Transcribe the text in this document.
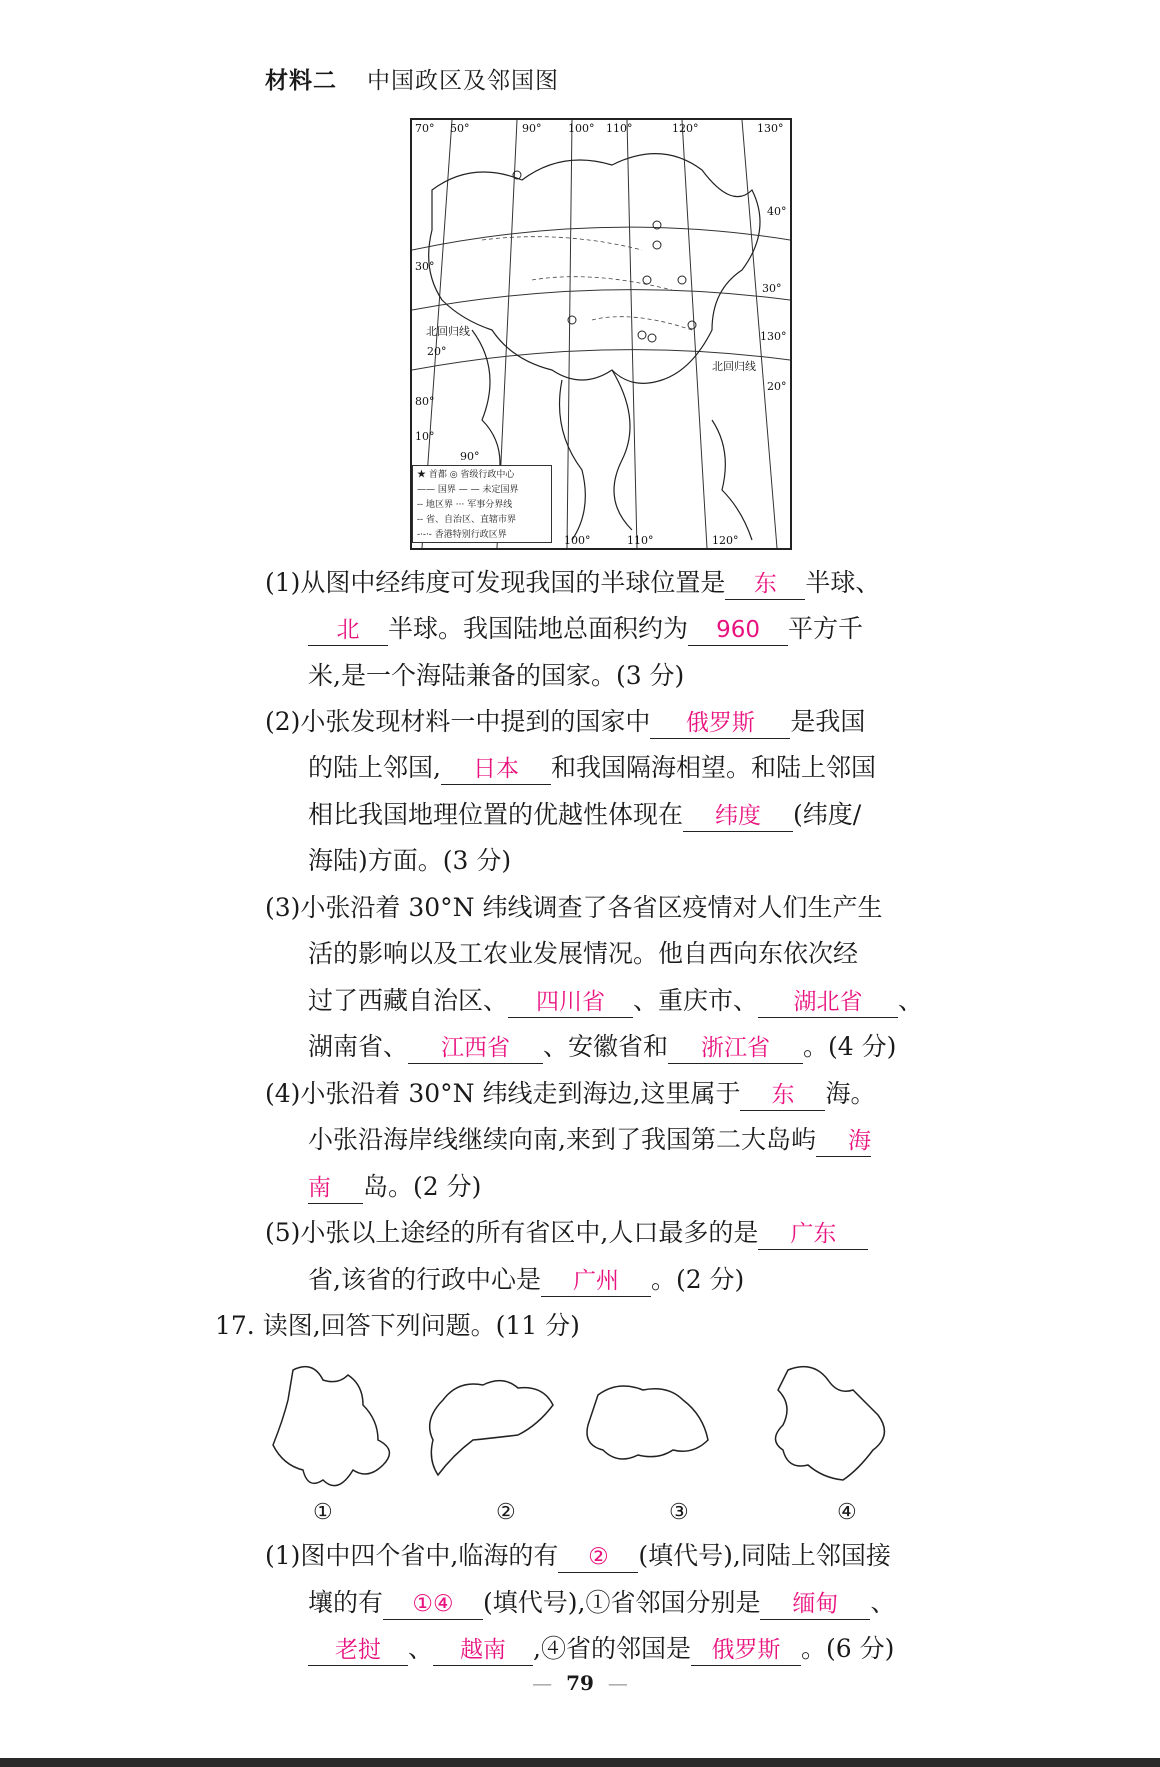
材料二 中国政区及邻国图
70° 50°	90° 100° 110°	120°	130°
40°
30°
130°
20°
30°
20°
80°
10°
90°
100°	110°	120°
北回归线
北回归线
★ 首都 ◎ 省级行政中心
—— 国界 — — 未定国界
-- 地区界 ··· 军事分界线
-- 省、自治区、直辖市界
-·-·- 香港特别行政区界
(1)从图中经纬度可发现我国的半球位置是 东 半球、
北 半球。我国陆地总面积约为 960 平方千
米,是一个海陆兼备的国家。(3 分)
(2)小张发现材料一中提到的国家中 俄罗斯 是我国
的陆上邻国, 日本 和我国隔海相望。和陆上邻国
相比我国地理位置的优越性体现在 纬度 (纬度/
海陆)方面。(3 分)
(3)小张沿着 30°N 纬线调查了各省区疫情对人们生产生
活的影响以及工农业发展情况。他自西向东依次经
过了西藏自治区、 四川省 、重庆市、 湖北省 、
湖南省、 江西省 、安徽省和 浙江省 。(4 分)
(4)小张沿着 30°N 纬线走到海边,这里属于 东 海。
小张沿海岸线继续向南,来到了我国第二大岛屿 海
南 岛。(2 分)
(5)小张以上途经的所有省区中,人口最多的是 广东
省,该省的行政中心是 广州 。(2 分)
17. 读图,回答下列问题。(11 分)
①	②	③	④
(1)图中四个省中,临海的有 ② (填代号),同陆上邻国接
壤的有 ①④ (填代号),①省邻国分别是 缅甸 、
老挝 、 越南 ,④省的邻国是 俄罗斯 。(6 分)
— 79 —
